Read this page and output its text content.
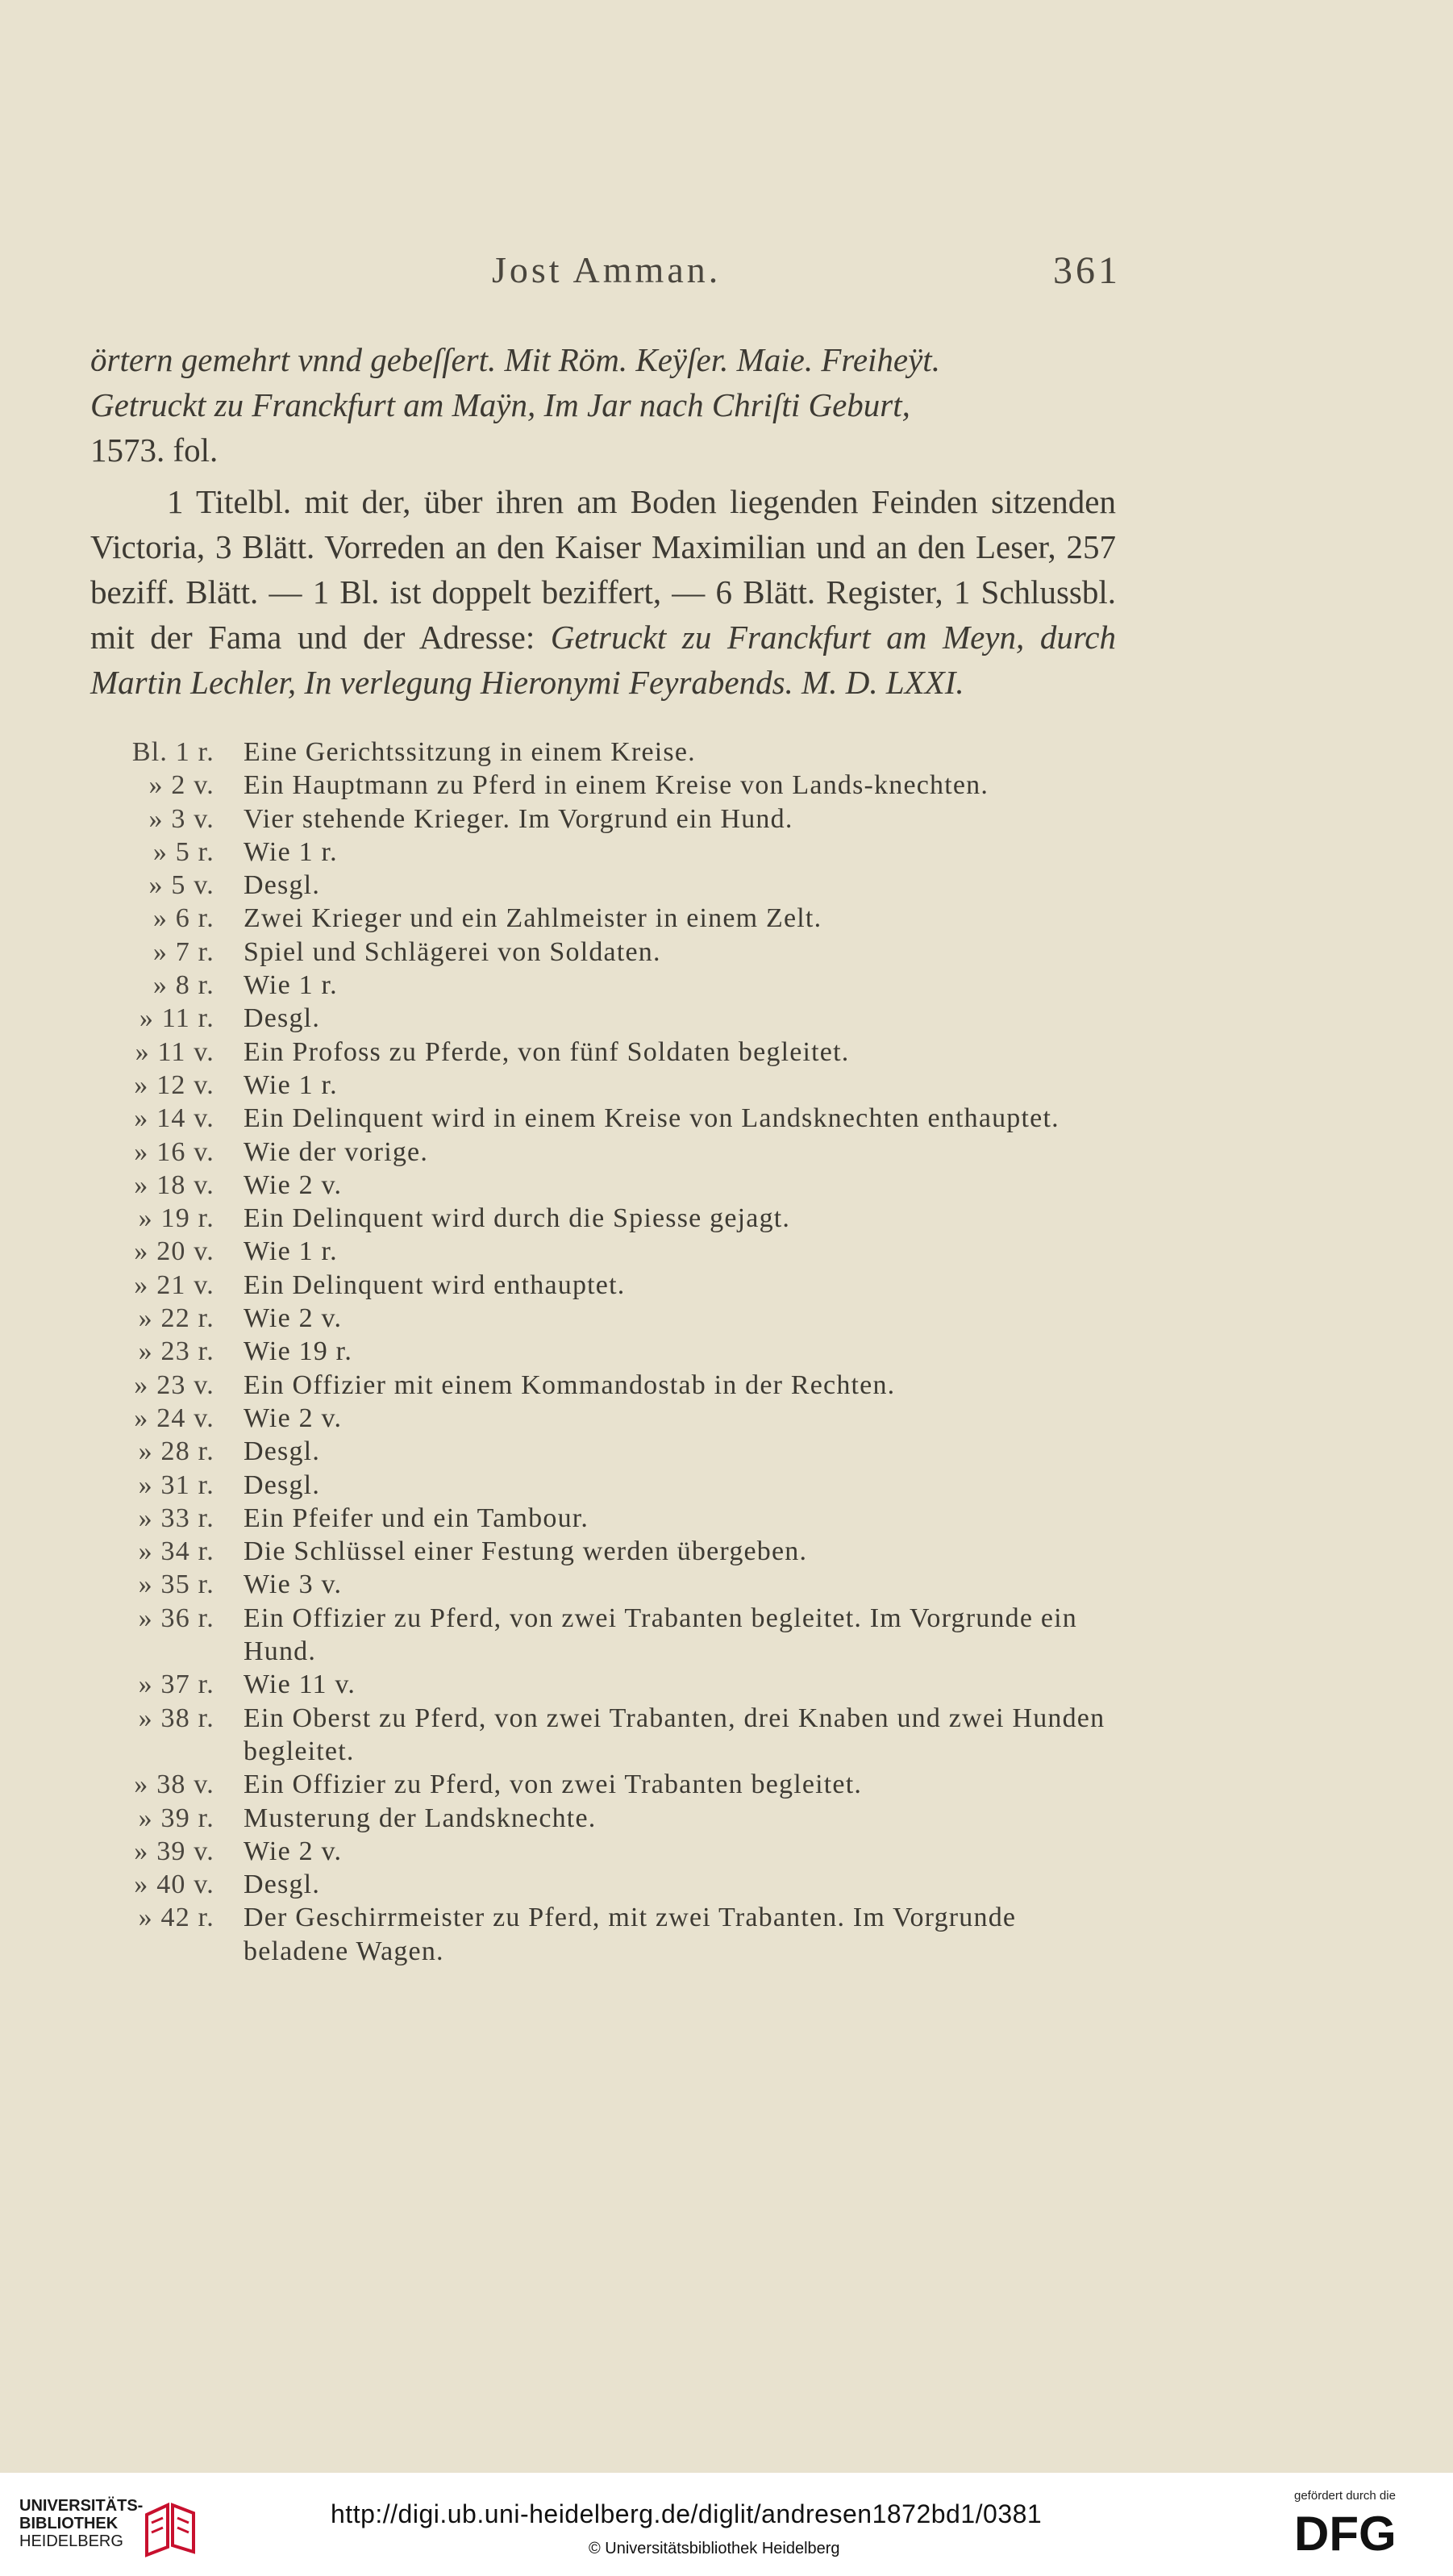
Jost Amman.	361

örtern gemehrt vnnd gebeſſert. Mit Röm. Keÿſer. Maie. Freiheÿt.

Getruckt zu Franckfurt am Maÿn, Im Jar nach Chriſti Geburt,

1573. fol.

1 Titelbl. mit der, über ihren am Boden liegenden Feinden sitzenden Victoria, 3 Blätt. Vorreden an den Kaiser Maximilian und an den Leser, 257 beziff. Blätt. — 1 Bl. ist doppelt beziffert, — 6 Blätt. Register, 1 Schlussbl. mit der Fama und der Adresse: Getruckt zu Franckfurt am Meyn, durch Martin Lechler, In verlegung Hieronymi Feyrabends. M. D. LXXI.

Bl. 1 r.	Eine Gerichtssitzung in einem Kreise.
» 2 v.	Ein Hauptmann zu Pferd in einem Kreise von Lands-knechten.
» 3 v.	Vier stehende Krieger. Im Vorgrund ein Hund.
» 5 r.	Wie 1 r.
» 5 v.	Desgl.
» 6 r.	Zwei Krieger und ein Zahlmeister in einem Zelt.
» 7 r.	Spiel und Schlägerei von Soldaten.
» 8 r.	Wie 1 r.
» 11 r.	Desgl.
» 11 v.	Ein Profoss zu Pferde, von fünf Soldaten begleitet.
» 12 v.	Wie 1 r.
» 14 v.	Ein Delinquent wird in einem Kreise von Landsknechten enthauptet.
» 16 v.	Wie der vorige.
» 18 v.	Wie 2 v.
» 19 r.	Ein Delinquent wird durch die Spiesse gejagt.
» 20 v.	Wie 1 r.
» 21 v.	Ein Delinquent wird enthauptet.
» 22 r.	Wie 2 v.
» 23 r.	Wie 19 r.
» 23 v.	Ein Offizier mit einem Kommandostab in der Rechten.
» 24 v.	Wie 2 v.
» 28 r.	Desgl.
» 31 r.	Desgl.
» 33 r.	Ein Pfeifer und ein Tambour.
» 34 r.	Die Schlüssel einer Festung werden übergeben.
» 35 r.	Wie 3 v.
» 36 r.	Ein Offizier zu Pferd, von zwei Trabanten begleitet. Im Vorgrunde ein Hund.
» 37 r.	Wie 11 v.
» 38 r.	Ein Oberst zu Pferd, von zwei Trabanten, drei Knaben und zwei Hunden begleitet.
» 38 v.	Ein Offizier zu Pferd, von zwei Trabanten begleitet.
» 39 r.	Musterung der Landsknechte.
» 39 v.	Wie 2 v.
» 40 v.	Desgl.
» 42 r.	Der Geschirrmeister zu Pferd, mit zwei Trabanten. Im Vorgrunde beladene Wagen.
UNIVERSITÄTS-
BIBLIOTHEK
HEIDELBERG
http://digi.ub.uni-heidelberg.de/diglit/andresen1872bd1/0381
© Universitätsbibliothek Heidelberg
gefördert durch die
DFG
